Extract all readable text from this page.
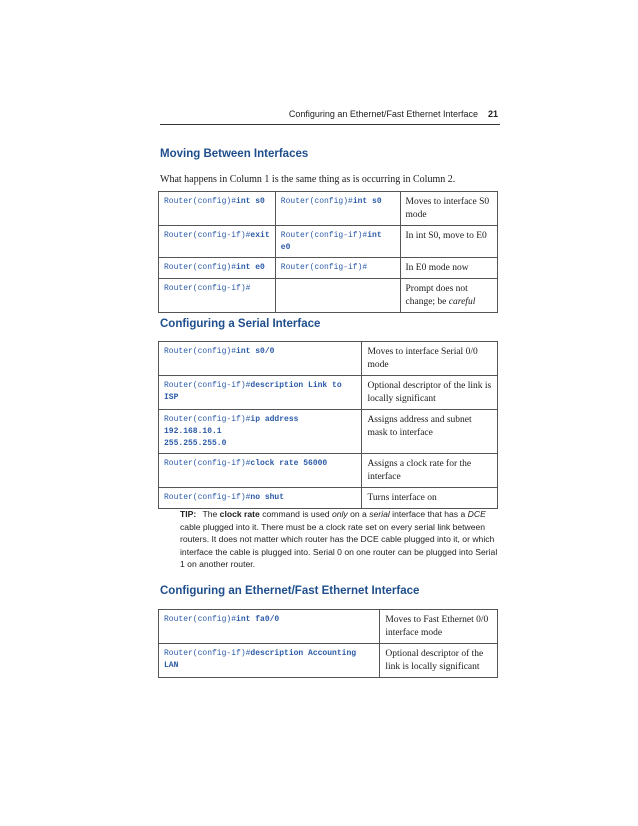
Configuring an Ethernet/Fast Ethernet Interface 21
Moving Between Interfaces

What happens in Column 1 is the same thing as is occurring in Column 2.

Router(config)#int s0	Router(config)#int s0	Moves to interface S0 mode
Router(config-if)#exit	Router(config-if)#int e0	In int S0, move to E0
Router(config)#int e0	Router(config-if)#	In E0 mode now
Router(config-if)#		Prompt does not change; be careful
Configuring a Serial Interface
Router(config)#int s0/0	Moves to interface Serial 0/0 mode
Router(config-if)#description Link to ISP	Optional descriptor of the link is locally significant
Router(config-if)#ip address 192.168.10.1
255.255.255.0	Assigns address and subnet mask to interface
Router(config-if)#clock rate 56000	Assigns a clock rate for the interface
Router(config-if)#no shut	Turns interface on

TIP: The clock rate command is used only on a serial interface that has a DCE cable plugged into it. There must be a clock rate set on every serial link between routers. It does not matter which router has the DCE cable plugged into it, or which interface the cable is plugged into. Serial 0 on one router can be plugged into Serial 1 on another router.

Configuring an Ethernet/Fast Ethernet Interface
Router(config)#int fa0/0	Moves to Fast Ethernet 0/0 interface mode
Router(config-if)#description Accounting LAN	Optional descriptor of the link is locally significant
